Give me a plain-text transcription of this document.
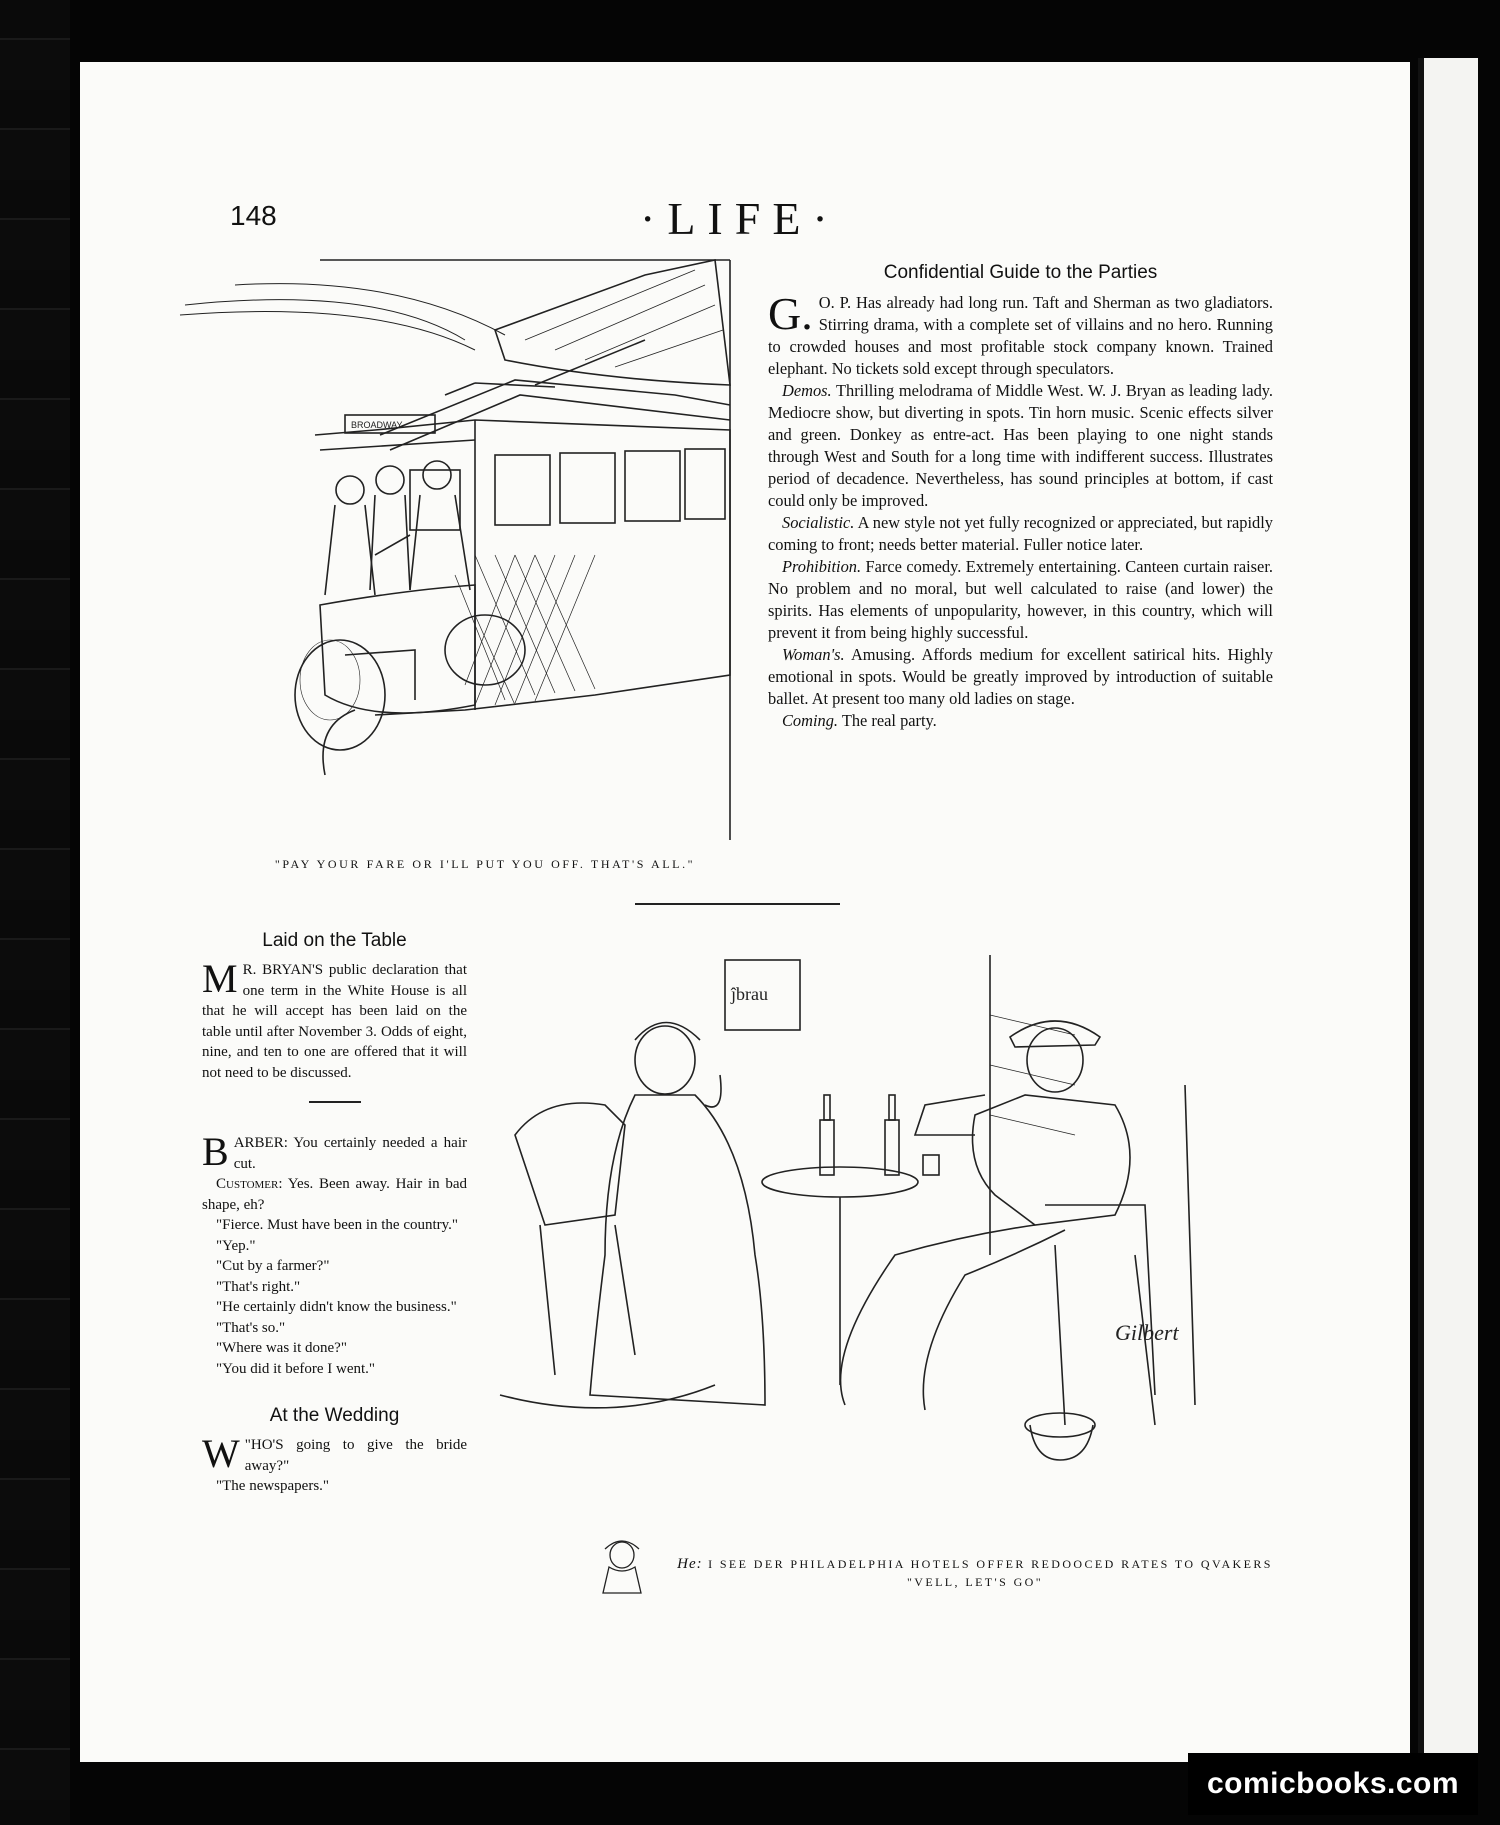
148	·LIFE·
BROADWAY
"PAY YOUR FARE OR I'LL PUT YOU OFF. THAT'S ALL."
Confidential Guide to the Parties

G. O. P. Has already had long run. Taft and Sherman as two gladiators. Stirring drama, with a complete set of villains and no hero. Running to crowded houses and most profitable stock company known. Trained elephant. No tickets sold except through speculators.

Demos. Thrilling melodrama of Middle West. W. J. Bryan as leading lady. Mediocre show, but diverting in spots. Tin horn music. Scenic effects silver and green. Donkey as entre-act. Has been playing to one night stands through West and South for a long time with indifferent success. Illustrates period of decadence. Nevertheless, has sound principles at bottom, if cast could only be improved.

Socialistic. A new style not yet fully recognized or appreciated, but rapidly coming to front; needs better material. Fuller notice later.

Prohibition. Farce comedy. Extremely entertaining. Canteen curtain raiser. No problem and no moral, but well calculated to raise (and lower) the spirits. Has elements of unpopularity, however, in this country, which will prevent it from being highly successful.

Woman's. Amusing. Affords medium for excellent satirical hits. Highly emotional in spots. Would be greatly improved by introduction of suitable ballet. At present too many old ladies on stage.

Coming. The real party.

Laid on the Table

M R. BRYAN'S public declaration that one term in the White House is all that he will accept has been laid on the table until after November 3. Odds of eight, nine, and ten to one are offered that it will not need to be discussed.

BARBER: You certainly needed a hair cut.

Customer: Yes. Been away. Hair in bad shape, eh?

"Fierce. Must have been in the country."

"Yep."

"Cut by a farmer?"

"That's right."

"He certainly didn't know the business."

"That's so."

"Where was it done?"

"You did it before I went."

At the Wedding

"
W HO'S going to give the bride away?"

"The newspapers."

ĵbrau
Gilbert
He: I SEE DER PHILADELPHIA HOTELS OFFER REDOOCED RATES TO QVAKERS
"VELL, LET'S GO"
comicbooks.com
